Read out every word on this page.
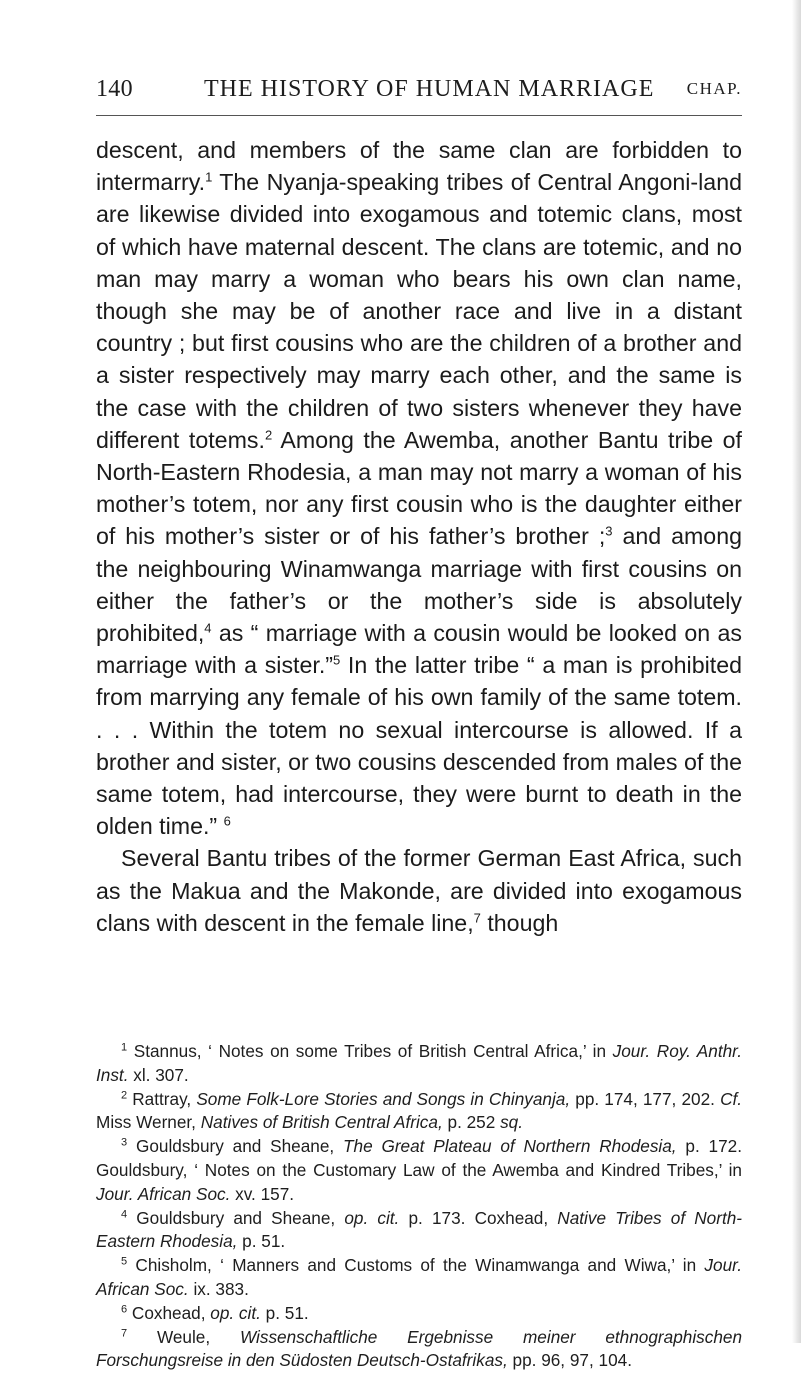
140	THE HISTORY OF HUMAN MARRIAGE CHAP.

descent, and members of the same clan are forbidden to intermarry.$^1$ The Nyanja-speaking tribes of Central Angoni-land are likewise divided into exogamous and totemic clans, most of which have maternal descent. The clans are totemic, and no man may marry a woman who bears his own clan name, though she may be of another race and live in a distant country ; but first cousins who are the children of a brother and a sister respectively may marry each other, and the same is the case with the children of two sisters whenever they have different totems.$^2$ Among the Awemba, another Bantu tribe of North-Eastern Rhodesia, a man may not marry a woman of his mother’s totem, nor any first cousin who is the daughter either of his mother’s sister or of his father’s brother ;$^3$ and among the neighbouring Winamwanga marriage with first cousins on either the father’s or the mother’s side is absolutely prohibited,$^4$ as “ marriage with a cousin would be looked on as marriage with a sister.”$^5$ In the latter tribe “ a man is prohibited from marrying any female of his own family of the same totem. . . . Within the totem no sexual intercourse is allowed. If a brother and sister, or two cousins descended from males of the same totem, had intercourse, they were burnt to death in the olden time.” $^6$

Several Bantu tribes of the former German East Africa, such as the Makua and the Makonde, are divided into exogamous clans with descent in the female line,$^7$ though

$^1$ Stannus, ‘ Notes on some Tribes of British Central Africa,’ in Jour. Roy. Anthr. Inst. xl. 307.
$^2$ Rattray, Some Folk-Lore Stories and Songs in Chinyanja, pp. 174, 177, 202. Cf. Miss Werner, Natives of British Central Africa, p. 252 sq.
$^3$ Gouldsbury and Sheane, The Great Plateau of Northern Rhodesia, p. 172. Gouldsbury, ‘ Notes on the Customary Law of the Awemba and Kindred Tribes,’ in Jour. African Soc. xv. 157.
$^4$ Gouldsbury and Sheane, op. cit. p. 173. Coxhead, Native Tribes of North-Eastern Rhodesia, p. 51.
$^5$ Chisholm, ‘ Manners and Customs of the Winamwanga and Wiwa,’ in Jour. African Soc. ix. 383.
$^6$ Coxhead, op. cit. p. 51.
$^7$ Weule, Wissenschaftliche Ergebnisse meiner ethnographischen Forschungsreise in den Südosten Deutsch-Ostafrikas, pp. 96, 97, 104.
